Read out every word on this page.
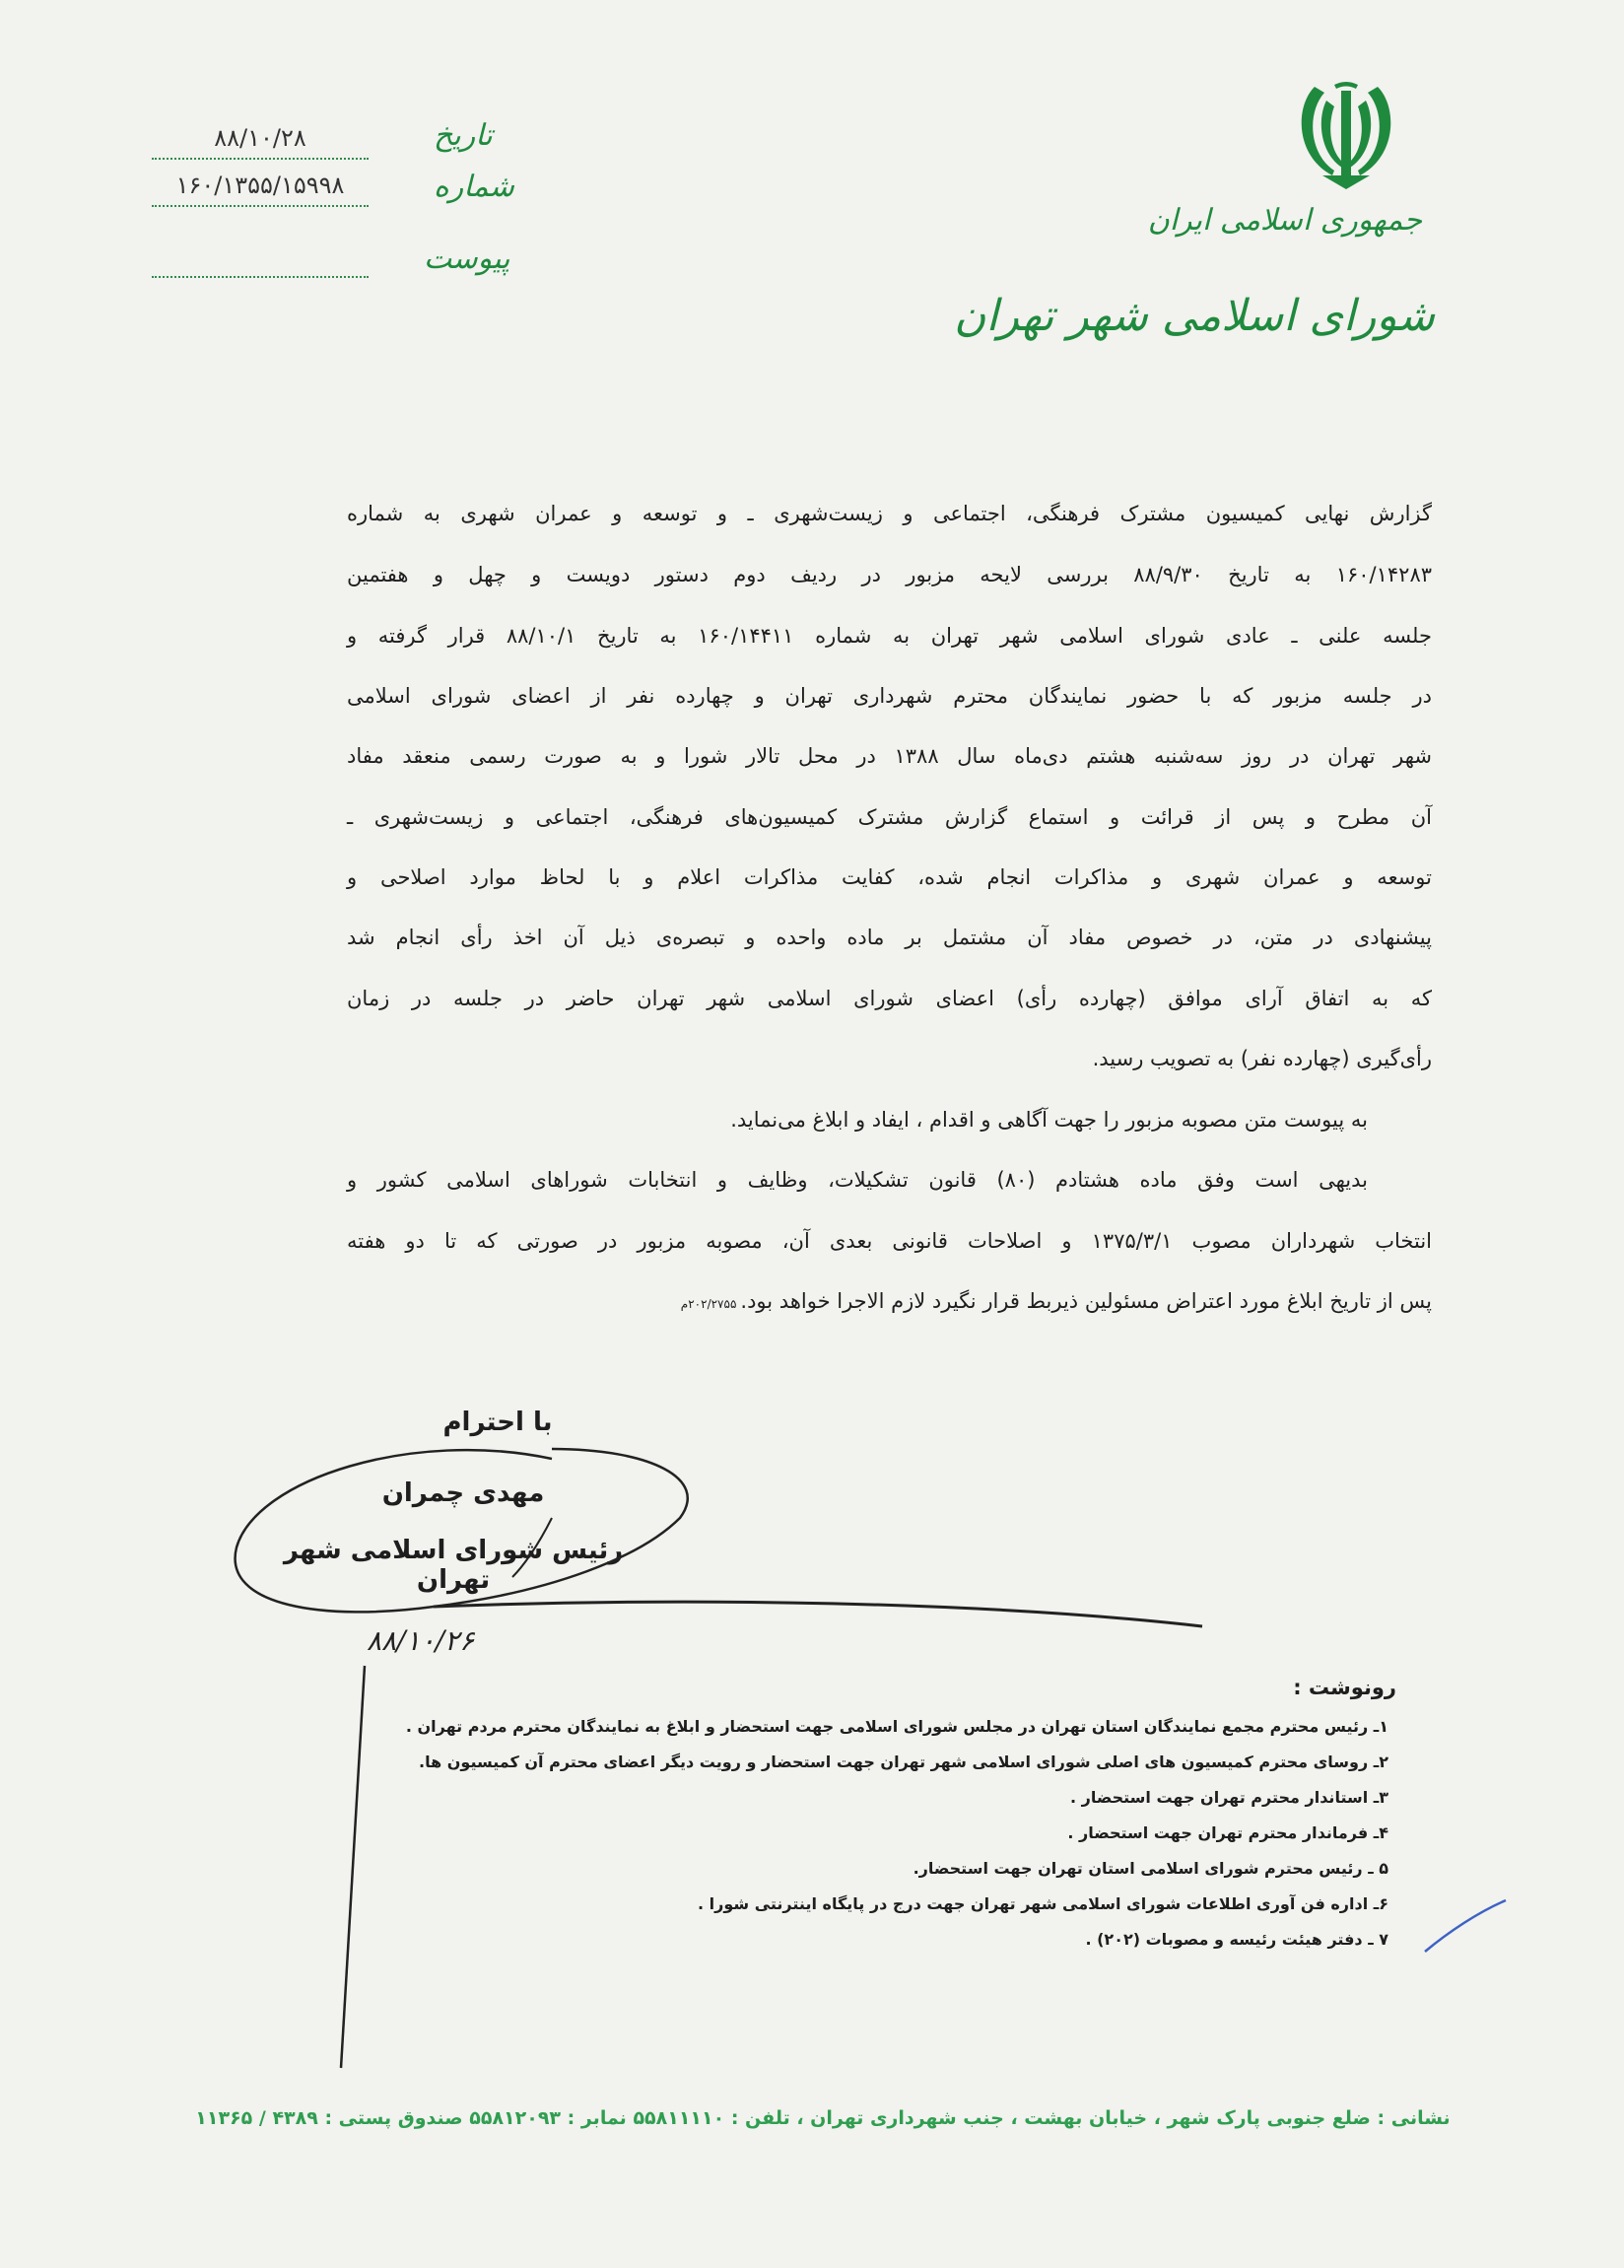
جمهوری اسلامی ایران
شورای اسلامی شهر تهران
تاریخ
۸۸/۱۰/۲۸
شماره
۱۶۰/۱۳۵۵/۱۵۹۹۸
پیوست
گزارش نهایی کمیسیون مشترک فرهنگی، اجتماعی و زیست‌شهری ـ و توسعه و عمران شهری به شماره
۱۶۰/۱۴۲۸۳ به تاریخ ۸۸/۹/۳۰ بررسی لایحه مزبور در ردیف دوم دستور دویست و چهل و هفتمین
جلسه علنی ـ عادی شورای اسلامی شهر تهران به شماره ۱۶۰/۱۴۴۱۱ به تاریخ ۸۸/۱۰/۱ قرار گرفته و
در جلسه مزبور که با حضور نمایندگان محترم شهرداری تهران و چهارده نفر از اعضای شورای اسلامی
شهر تهران در روز سه‌شنبه هشتم دی‌ماه سال ۱۳۸۸ در محل تالار شورا و به صورت رسمی منعقد مفاد
آن مطرح و پس از قرائت و استماع گزارش مشترک کمیسیون‌های فرهنگی، اجتماعی و زیست‌شهری ـ
توسعه و عمران شهری و مذاکرات انجام شده، کفایت مذاکرات اعلام و با لحاظ موارد اصلاحی و
پیشنهادی در متن، در خصوص مفاد آن مشتمل بر ماده واحده و تبصره‌ی ذیل آن اخذ رأی انجام شد
که به اتفاق آرای موافق (چهارده رأی) اعضای شورای اسلامی شهر تهران حاضر در جلسه در زمان
رأی‌گیری (چهارده نفر) به تصویب رسید.
به پیوست متن مصوبه مزبور را جهت آگاهی و اقدام ، ایفاد و ابلاغ می‌نماید.
بدیهی است وفق ماده هشتادم (۸۰) قانون تشکیلات، وظایف و انتخابات شوراهای اسلامی کشور و
انتخاب شهرداران مصوب ۱۳۷۵/۳/۱ و اصلاحات قانونی بعدی آن، مصوبه مزبور در صورتی که تا دو هفته
پس از تاریخ ابلاغ مورد اعتراض مسئولین ذیربط قرار نگیرد لازم الاجرا خواهد بود.۲۰۲/۲۷۵۵م
با احترام
مهدی چمران
رئیس شورای اسلامی شهر تهران
۸۸/۱۰/۲۶
رونوشت :
۱ـ رئیس محترم مجمع نمایندگان استان تهران در مجلس شورای اسلامی جهت استحضار و ابلاغ به نمایندگان محترم مردم تهران .
۲ـ روسای محترم کمیسیون های اصلی شورای اسلامی شهر تهران جهت استحضار و رویت دیگر اعضای محترم آن کمیسیون ها.
۳ـ استاندار محترم تهران جهت استحضار .
۴ـ فرماندار محترم تهران جهت استحضار .
۵ ـ رئیس محترم شورای اسلامی استان تهران جهت استحضار.
۶ـ اداره فن آوری اطلاعات شورای اسلامی شهر تهران جهت درج در پایگاه اینترنتی شورا .
۷ ـ دفتر هیئت رئیسه و مصوبات (۲۰۲) .
نشانی : ضلع جنوبی پارک شهر ، خیابان بهشت ، جنب شهرداری تهران ، تلفن : ۵۵۸۱۱۱۱۰ نمابر : ۵۵۸۱۲۰۹۳ صندوق پستی : ۴۳۸۹ / ۱۱۳۶۵
